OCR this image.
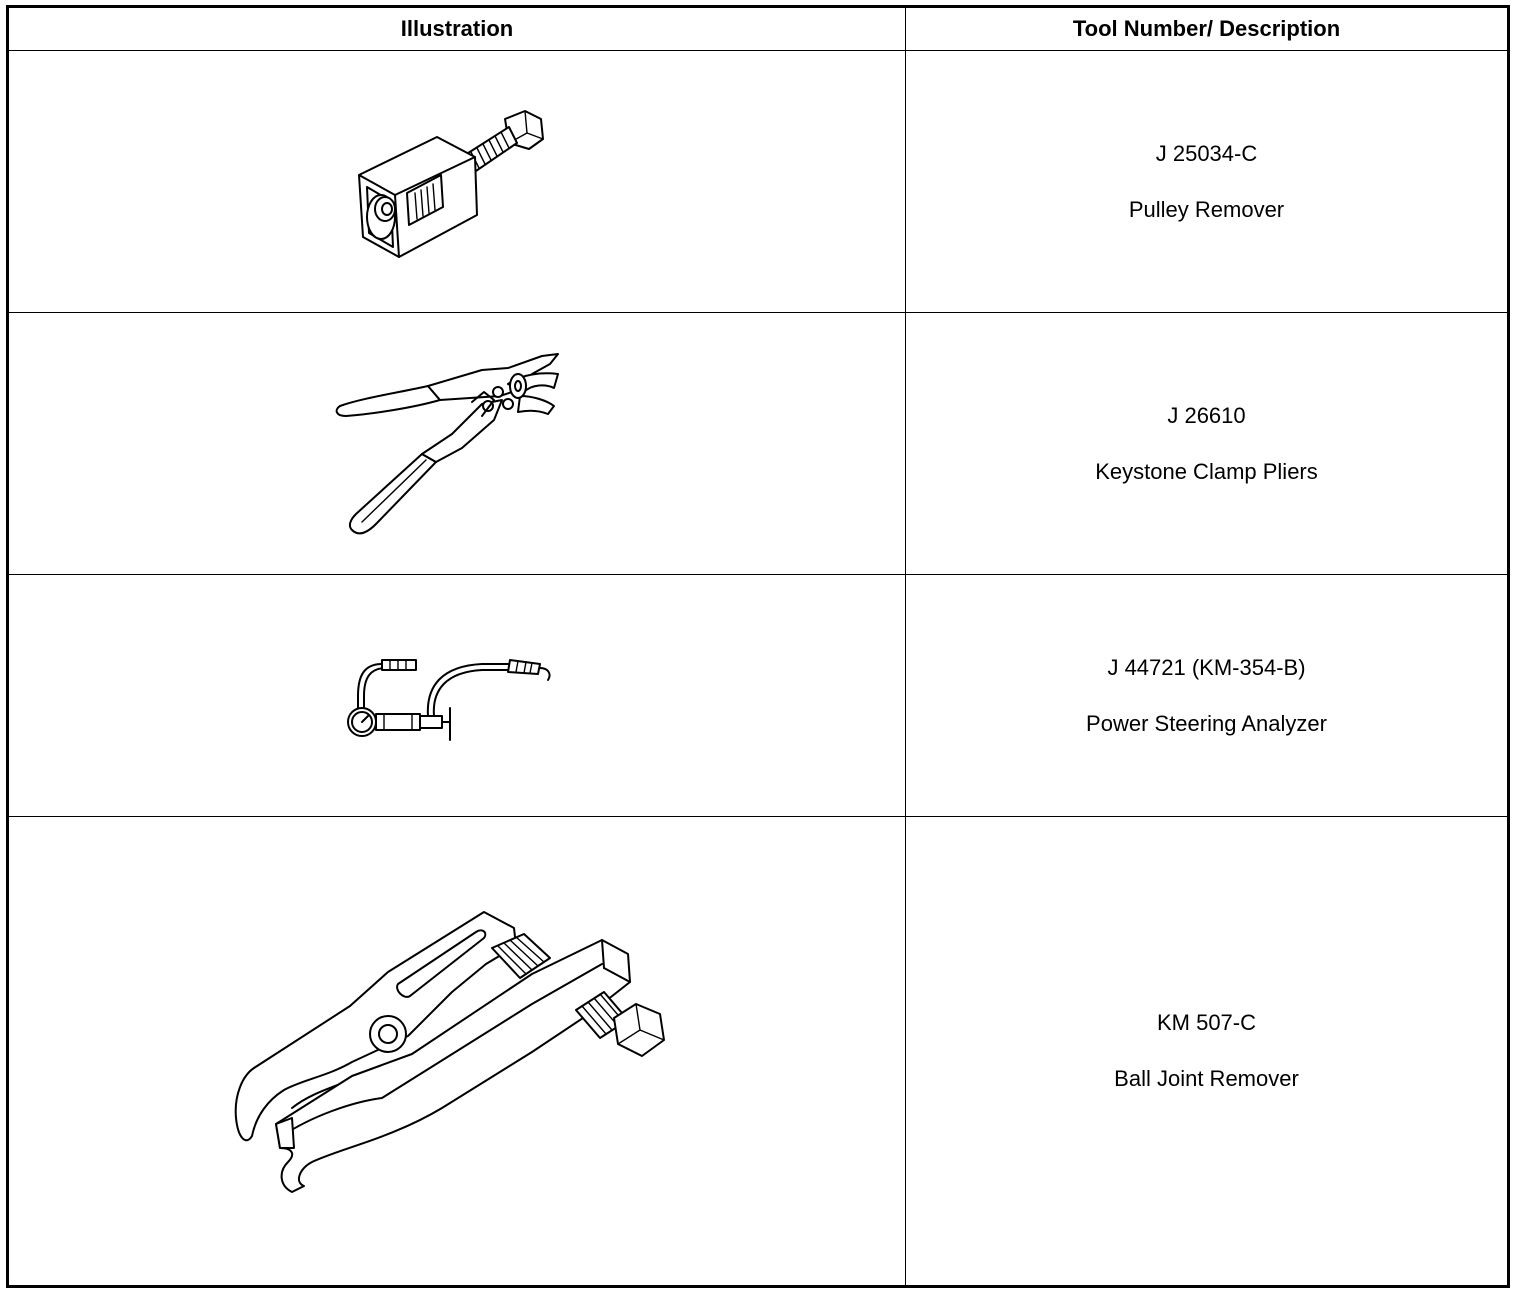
Illustration	Tool Number/ Description

J 25034-C
Pulley Remover

J 26610
Keystone Clamp Pliers

J 44721 (KM-354-B)
Power Steering Analyzer

KM 507-C
Ball Joint Remover
